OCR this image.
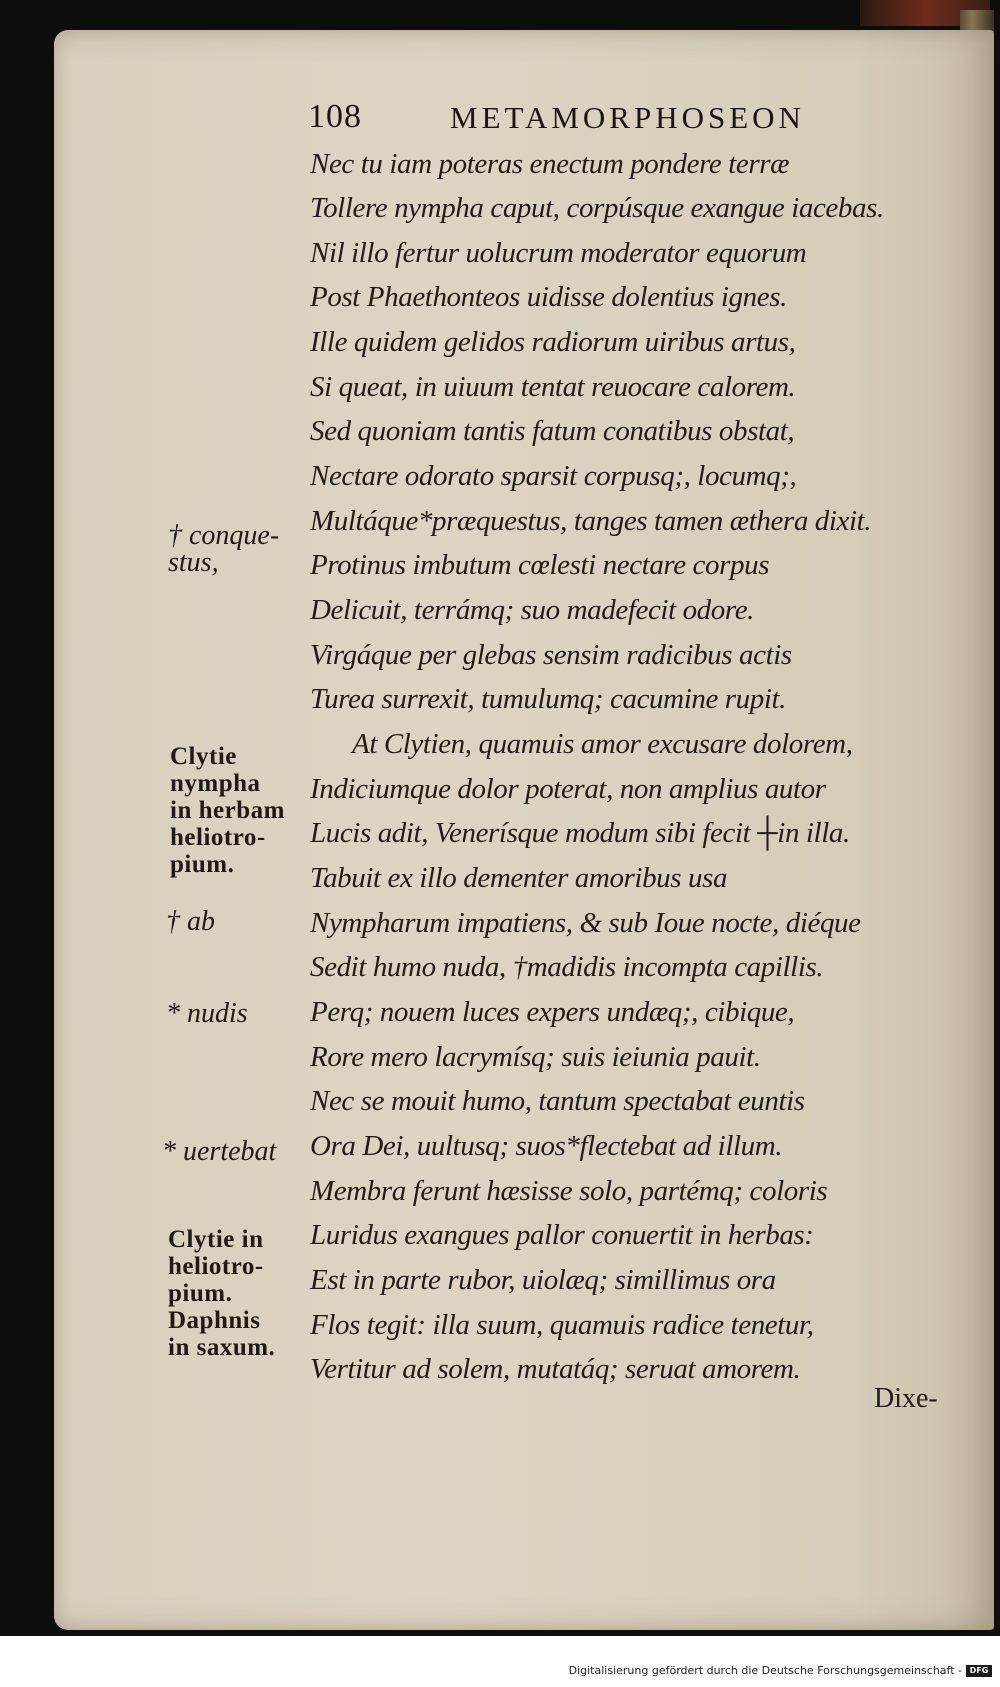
108	METAMORPHOSEON
Nec tu iam poteras enectum pondere terræ
Tollere nympha caput, corpúsque exangue iacebas.
Nil illo fertur uolucrum moderator equorum
Post Phaethonteos uidisse dolentius ignes.
Ille quidem gelidos radiorum uiribus artus,
Si queat, in uiuum tentat reuocare calorem.
Sed quoniam tantis fatum conatibus obstat,
Nectare odorato sparsit corpusq;, locumq;,
Multáque*præquestus, tanges tamen æthera dixit.
Protinus imbutum cœlesti nectare corpus
Delicuit, terrámq; suo madefecit odore.
Virgáque per glebas sensim radicibus actis
Turea surrexit, tumulumq; cacumine rupit.
At Clytien, quamuis amor excusare dolorem,
Indiciumque dolor poterat, non amplius autor
Lucis adit, Venerísque modum sibi fecit ┼in illa.
Tabuit ex illo dementer amoribus usa
Nympharum impatiens, & sub Ioue nocte, diéque
Sedit humo nuda, †madidis incompta capillis.
Perq; nouem luces expers undæq;, cibique,
Rore mero lacrymísq; suis ieiunia pauit.
Nec se mouit humo, tantum spectabat euntis
Ora Dei, uultusq; suos*flectebat ad illum.
Membra ferunt hæsisse solo, partémq; coloris
Luridus exangues pallor conuertit in herbas:
Est in parte rubor, uiolæq; simillimus ora
Flos tegit: illa suum, quamuis radice tenetur,
Vertitur ad solem, mutatáq; seruat amorem.
† conque-
stus,
Clytie
nympha
in herbam
heliotro-
pium.
† ab
* nudis
* uertebat
Clytie in
heliotro-
pium.
Daphnis
in saxum.
Dixe-
Digitalisierung gefördert durch die Deutsche Forschungsgemeinschaft - DFG
